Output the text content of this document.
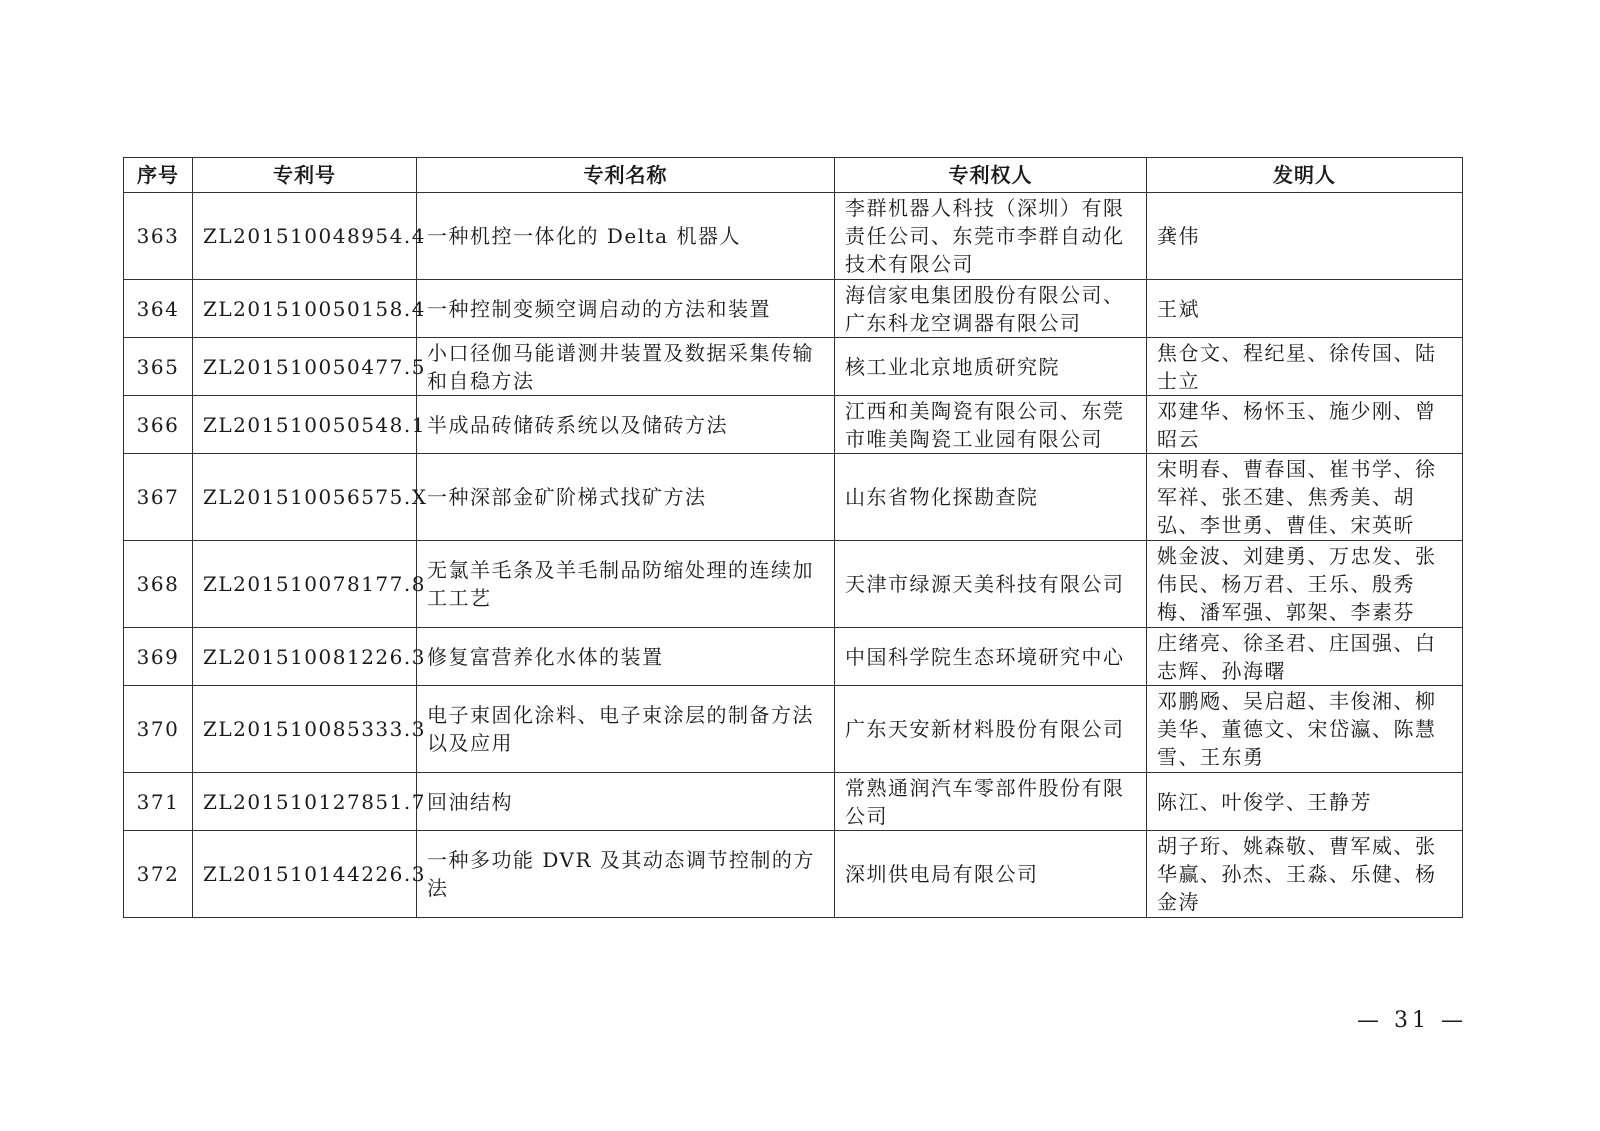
序号	专利号	专利名称	专利权人	发明人
363	ZL201510048954.4	一种机控一体化的 Delta 机器人	李群机器人科技（深圳）有限责任公司、东莞市李群自动化技术有限公司	龚伟
364	ZL201510050158.4	一种控制变频空调启动的方法和装置	海信家电集团股份有限公司、广东科龙空调器有限公司	王斌
365	ZL201510050477.5	小口径伽马能谱测井装置及数据采集传输和自稳方法	核工业北京地质研究院	焦仓文、程纪星、徐传国、陆士立
366	ZL201510050548.1	半成品砖储砖系统以及储砖方法	江西和美陶瓷有限公司、东莞市唯美陶瓷工业园有限公司	邓建华、杨怀玉、施少刚、曾昭云
367	ZL201510056575.X	一种深部金矿阶梯式找矿方法	山东省物化探勘查院	宋明春、曹春国、崔书学、徐军祥、张丕建、焦秀美、胡弘、李世勇、曹佳、宋英昕
368	ZL201510078177.8	无氯羊毛条及羊毛制品防缩处理的连续加工工艺	天津市绿源天美科技有限公司	姚金波、刘建勇、万忠发、张伟民、杨万君、王乐、殷秀梅、潘军强、郭架、李素芬
369	ZL201510081226.3	修复富营养化水体的装置	中国科学院生态环境研究中心	庄绪亮、徐圣君、庄国强、白志辉、孙海曙
370	ZL201510085333.3	电子束固化涂料、电子束涂层的制备方法以及应用	广东天安新材料股份有限公司	邓鹏飏、吴启超、丰俊湘、柳美华、董德文、宋岱瀛、陈慧雪、王东勇
371	ZL201510127851.7	回油结构	常熟通润汽车零部件股份有限公司	陈江、叶俊学、王静芳
372	ZL201510144226.3	一种多功能 DVR 及其动态调节控制的方法	深圳供电局有限公司	胡子珩、姚森敬、曹军威、张华赢、孙杰、王淼、乐健、杨金涛
— 31 —
